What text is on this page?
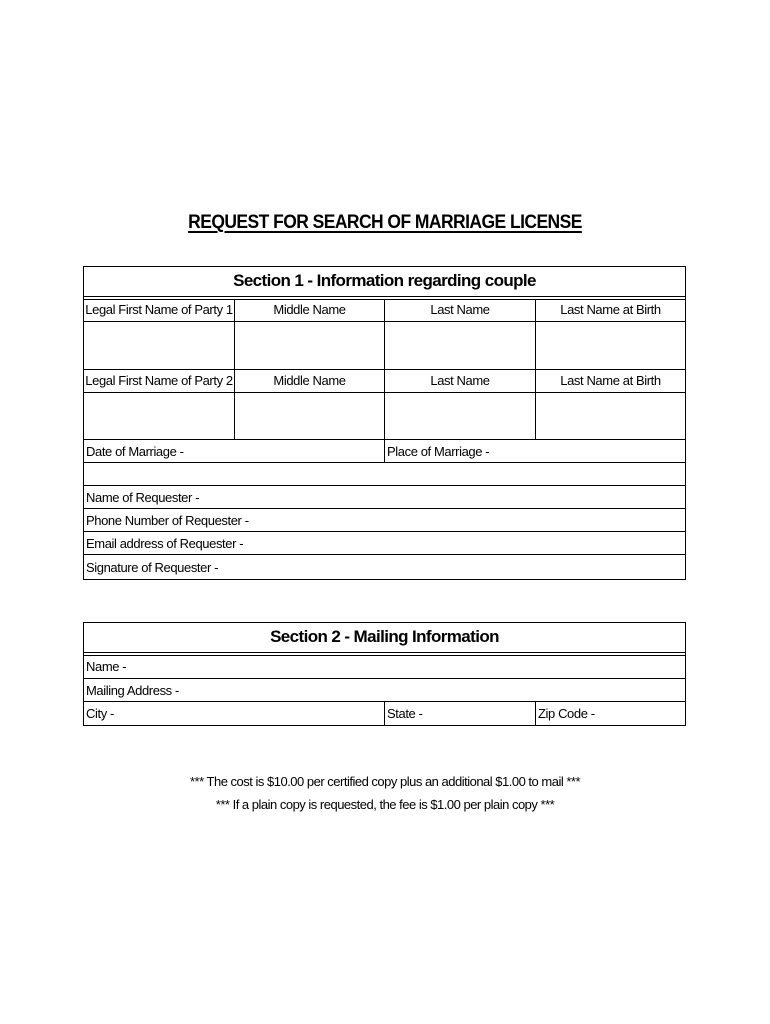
REQUEST FOR SEARCH OF MARRIAGE LICENSE
Section 1 - Information regarding couple
Legal First Name of Party 1	Middle Name	Last Name	Last Name at Birth
Legal First Name of Party 2	Middle Name	Last Name	Last Name at Birth
Date of Marriage -	Place of Marriage -
Name of Requester -
Phone Number of Requester -
Email address of Requester -
Signature of Requester -
Section 2 - Mailing Information
Name -
Mailing Address -
City -	State -	Zip Code -
*** The cost is $10.00 per certified copy plus an additional $1.00 to mail ***
*** If a plain copy is requested, the fee is $1.00 per plain copy ***
